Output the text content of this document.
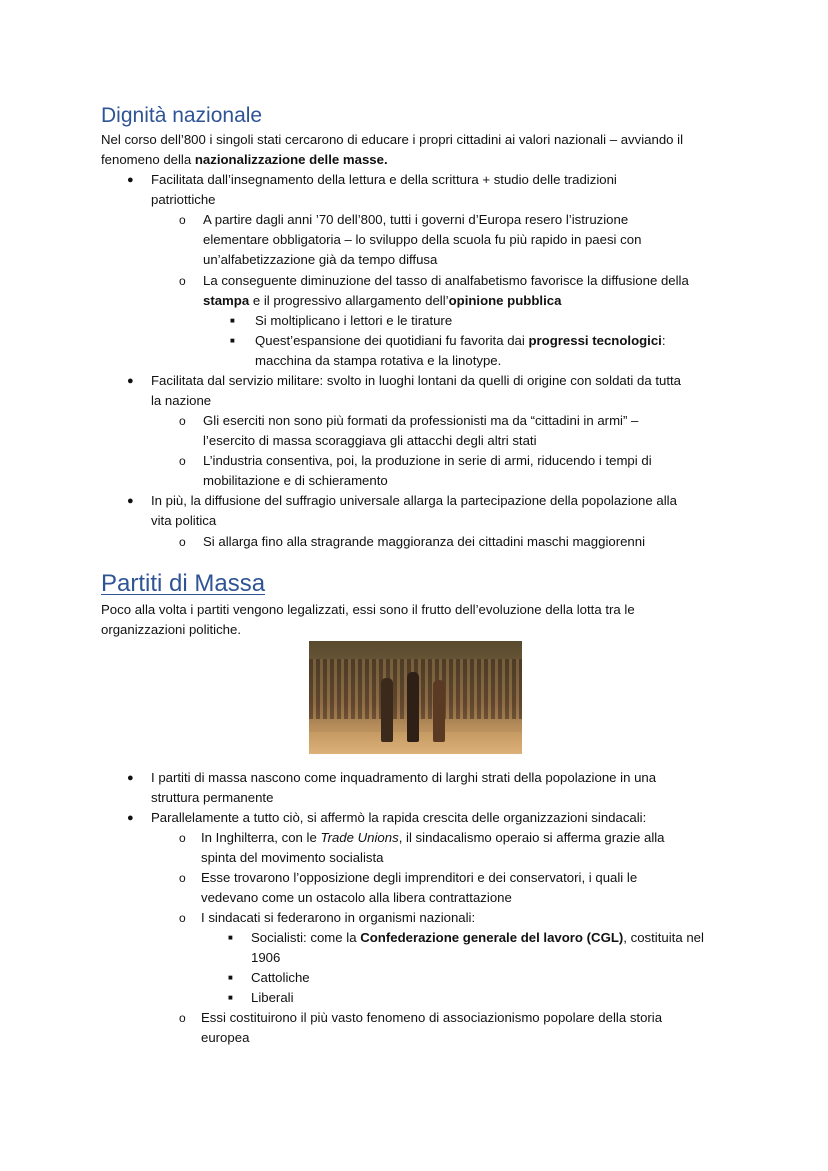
Dignità nazionale

Nel corso dell’800 i singoli stati cercarono di educare i propri cittadini ai valori nazionali – avviando il

fenomeno della nazionalizzazione delle masse.

● Facilitata dall’insegnamento della lettura e della scrittura + studio delle tradizioni

patriottiche

o A partire dagli anni ’70 dell’800, tutti i governi d’Europa resero l’istruzione

elementare obbligatoria – lo sviluppo della scuola fu più rapido in paesi con

un’alfabetizzazione già da tempo diffusa

o La conseguente diminuzione del tasso di analfabetismo favorisce la diffusione della

stampa e il progressivo allargamento dell’opinione pubblica

■ Si moltiplicano i lettori e le tirature

■ Quest’espansione dei quotidiani fu favorita dai progressi tecnologici:

macchina da stampa rotativa e la linotype.

● Facilitata dal servizio militare: svolto in luoghi lontani da quelli di origine con soldati da tutta

la nazione

o Gli eserciti non sono più formati da professionisti ma da “cittadini in armi” –

l’esercito di massa scoraggiava gli attacchi degli altri stati

o L’industria consentiva, poi, la produzione in serie di armi, riducendo i tempi di

mobilitazione e di schieramento

● In più, la diffusione del suffragio universale allarga la partecipazione della popolazione alla

vita politica

o Si allarga fino alla stragrande maggioranza dei cittadini maschi maggiorenni

Partiti di Massa

Poco alla volta i partiti vengono legalizzati, essi sono il frutto dell’evoluzione della lotta tra le

organizzazioni politiche.

● I partiti di massa nascono come inquadramento di larghi strati della popolazione in una

struttura permanente

● Parallelamente a tutto ciò, si affermò la rapida crescita delle organizzazioni sindacali:

o In Inghilterra, con le Trade Unions, il sindacalismo operaio si afferma grazie alla

spinta del movimento socialista

o Esse trovarono l’opposizione degli imprenditori e dei conservatori, i quali le

vedevano come un ostacolo alla libera contrattazione

o I sindacati si federarono in organismi nazionali:

■ Socialisti: come la Confederazione generale del lavoro (CGL), costituita nel

1906

■ Cattoliche

■ Liberali

o Essi costituirono il più vasto fenomeno di associazionismo popolare della storia

europea
